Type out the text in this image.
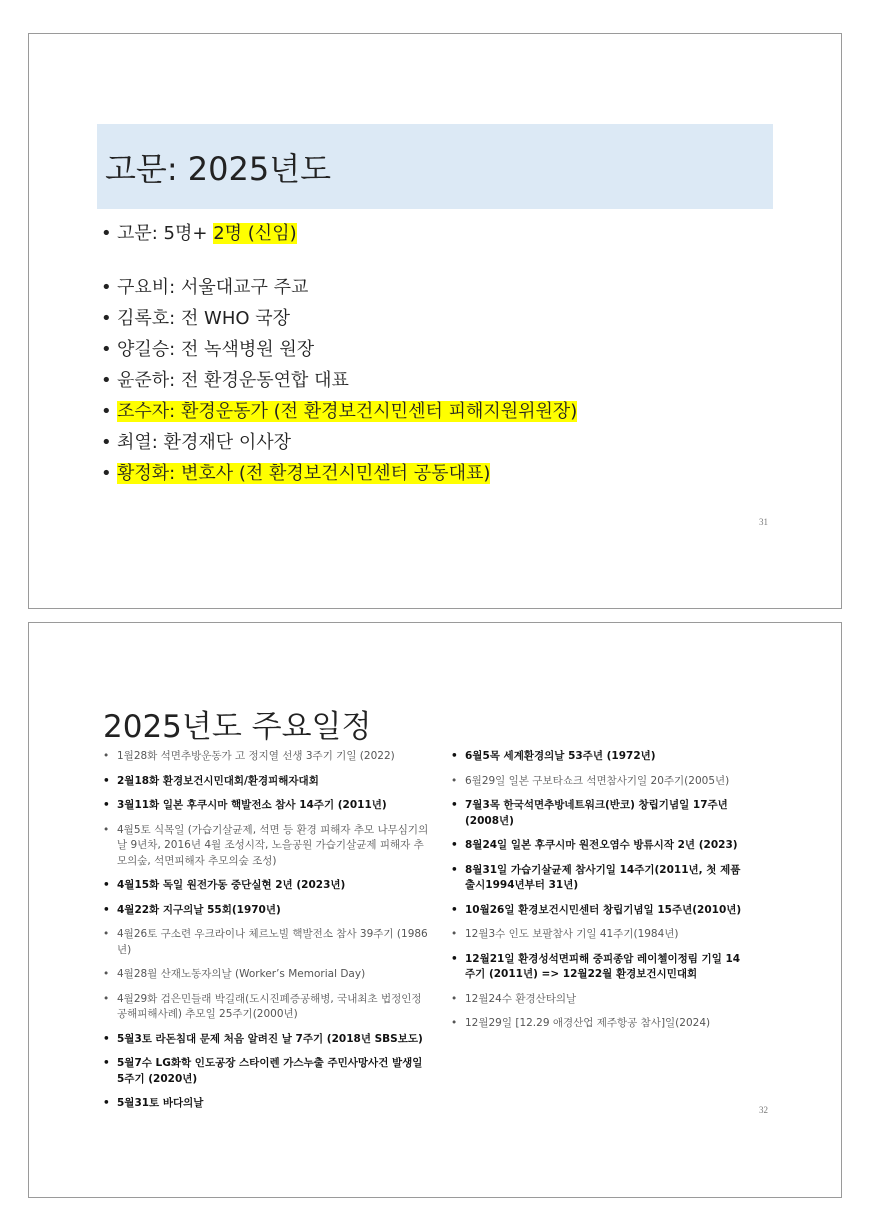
고문: 2025년도
• 고문: 5명+ 2명 (신임)
• 구요비: 서울대교구 주교
• 김록호: 전 WHO 국장
• 양길승: 전 녹색병원 원장
• 윤준하: 전 환경운동연합 대표
• 조수자: 환경운동가 (전 환경보건시민센터 피해지원위원장)
• 최열: 환경재단 이사장
• 황정화: 변호사 (전 환경보건시민센터 공동대표)
31
2025년도 주요일정
• 1월28화 석면추방운동가 고 정지열 선생 3주기 기일 (2022)
• 2월18화 환경보건시민대회/환경피해자대회
• 3월11화 일본 후쿠시마 핵발전소 참사 14주기 (2011년)
• 4월5토 식목일 (가습기살균제, 석면 등 환경 피해자 추모 나무심기의 날 9년차, 2016년 4월 조성시작, 노을공원 가습기살균제 피해자 추모의숲, 석면피해자 추모의숲 조성)
• 4월15화 독일 원전가동 중단실현 2년 (2023년)
• 4월22화 지구의날 55회(1970년)
• 4월26토 구소련 우크라이나 체르노빌 핵발전소 참사 39주기 (1986년)
• 4월28월 산재노동자의날 (Worker’s Memorial Day)
• 4월29화 검은민들래 박길래(도시진폐증공해병, 국내최초 법정인정 공해피해사례) 추모일 25주기(2000년)
• 5월3토 라돈침대 문제 처음 알려진 날 7주기 (2018년 SBS보도)
• 5월7수 LG화학 인도공장 스타이렌 가스누출 주민사망사건 발생일 5주기 (2020년)
• 5월31토 바다의날
• 6월5목 세계환경의날 53주년 (1972년)
• 6월29일 일본 구보타쇼크 석면참사기일 20주기(2005년)
• 7월3목 한국석면추방네트워크(반코) 창립기념일 17주년(2008년)
• 8월24일 일본 후쿠시마 원전오염수 방류시작 2년 (2023)
• 8월31일 가습기살균제 참사기일 14주기(2011년, 첫 제품출시1994년부터 31년)
• 10월26일 환경보건시민센터 창립기념일 15주년(2010년)
• 12월3수 인도 보팔참사 기일 41주기(1984년)
• 12월21일 환경성석면피해 중피종암 레이첼이정림 기일 14주기 (2011년) => 12월22월 환경보건시민대회
• 12월24수 환경산타의날
• 12월29일 [12.29 애경산업 제주항공 참사]일(2024)
32
